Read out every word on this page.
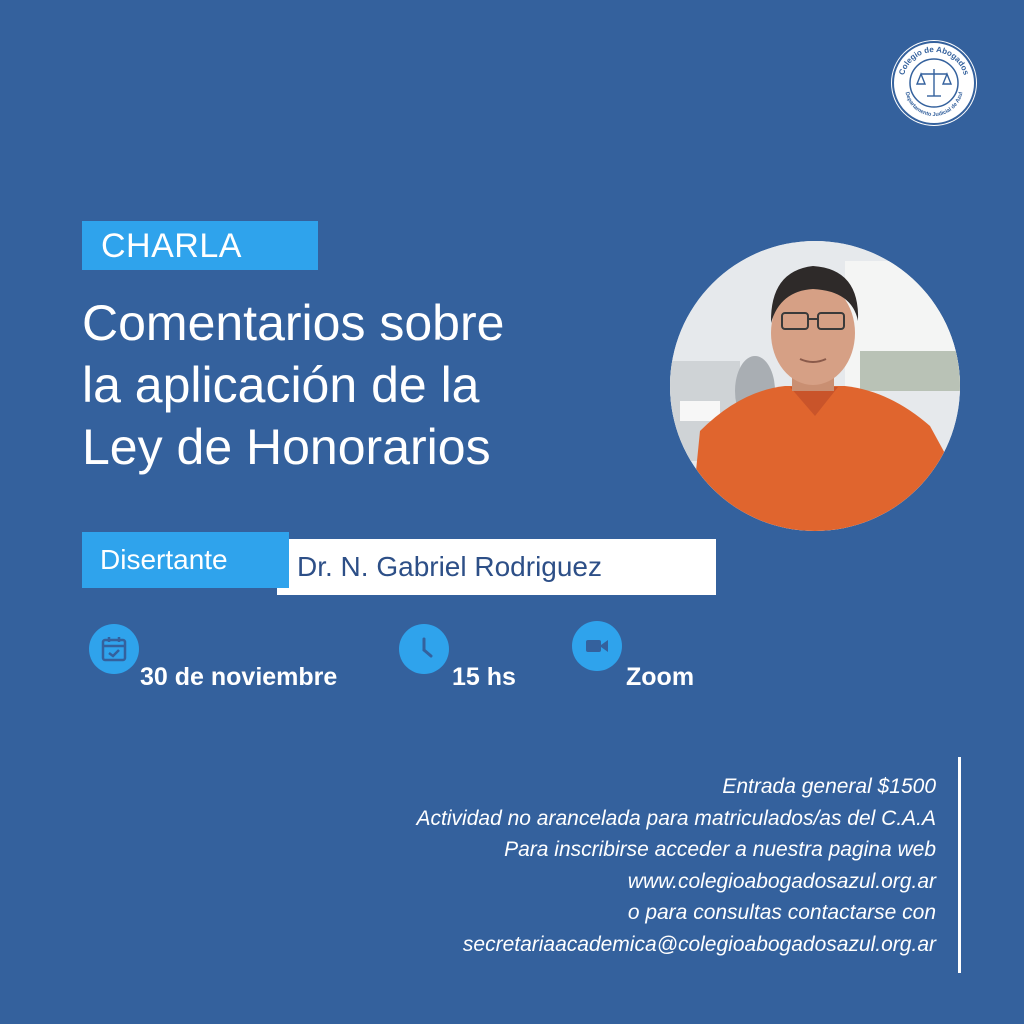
Colegio de Abogados
Departamento Judicial de Azul
CHARLA
Comentarios sobre
la aplicación de la
Ley de Honorarios
Disertante	Dr. N. Gabriel Rodriguez
30 de noviembre	15 hs	Zoom
Entrada general $1500
Actividad no arancelada para matriculados/as del C.A.A
Para inscribirse acceder a nuestra pagina web
www.colegioabogadosazul.org.ar
o para consultas contactarse con
secretariaacademica@colegioabogadosazul.org.ar
